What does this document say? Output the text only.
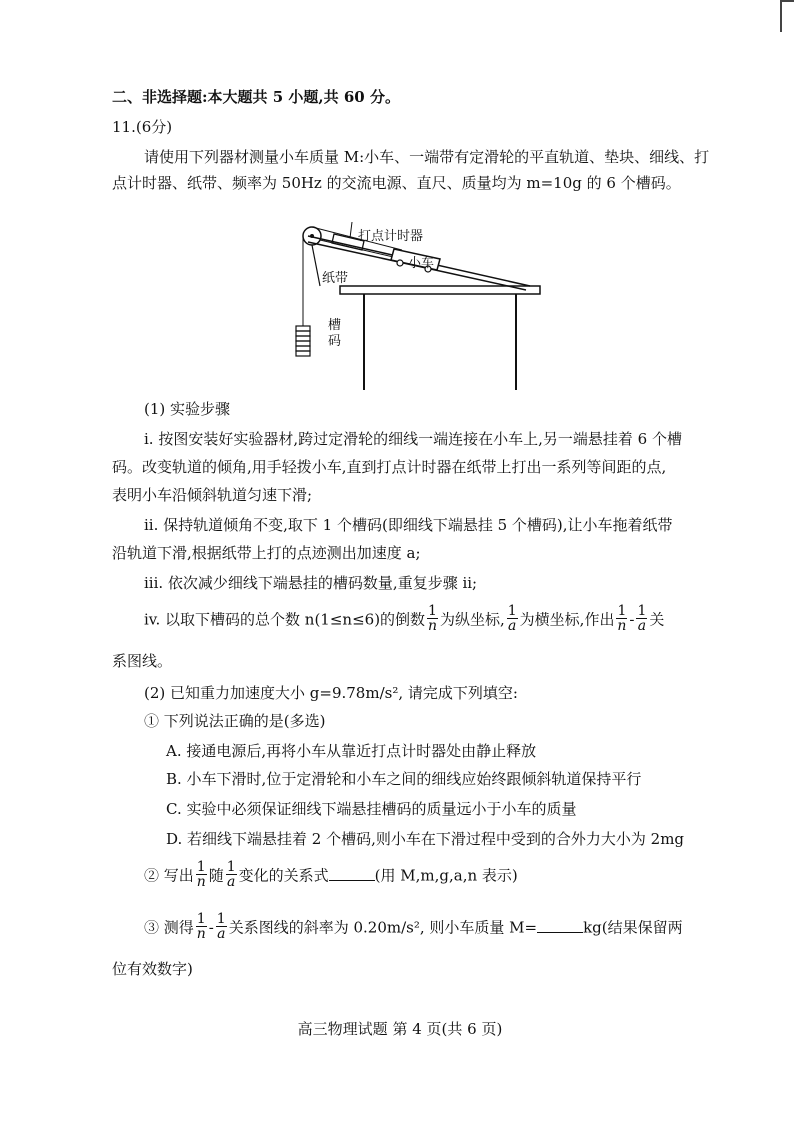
二、非选择题:本大题共 5 小题,共 60 分。
11.(6分)
请使用下列器材测量小车质量 M:小车、一端带有定滑轮的平直轨道、垫块、细线、打
点计时器、纸带、频率为 50Hz 的交流电源、直尺、质量均为 m=10g 的 6 个槽码。
打点计时器
小车
纸带
槽码
(1) 实验步骤
i. 按图安装好实验器材,跨过定滑轮的细线一端连接在小车上,另一端悬挂着 6 个槽
码。改变轨道的倾角,用手轻拨小车,直到打点计时器在纸带上打出一系列等间距的点,
表明小车沿倾斜轨道匀速下滑;
ii. 保持轨道倾角不变,取下 1 个槽码(即细线下端悬挂 5 个槽码),让小车拖着纸带
沿轨道下滑,根据纸带上打的点迹测出加速度 a;
iii. 依次减少细线下端悬挂的槽码数量,重复步骤 ii;
iv. 以取下槽码的总个数 n(1≤n≤6)的倒数 $\frac{1}{n}$ 为纵坐标, $\frac{1}{a}$ 为横坐标,作出 $\frac{1}{n} - \frac{1}{a}$ 关
系图线。
(2) 已知重力加速度大小 g=9.78m/s², 请完成下列填空:
① 下列说法正确的是(多选)
A. 接通电源后,再将小车从靠近打点计时器处由静止释放
B. 小车下滑时,位于定滑轮和小车之间的细线应始终跟倾斜轨道保持平行
C. 实验中必须保证细线下端悬挂槽码的质量远小于小车的质量
D. 若细线下端悬挂着 2 个槽码,则小车在下滑过程中受到的合外力大小为 2mg
② 写出 $\frac{1}{n}$ 随 $\frac{1}{a}$ 变化的关系式	(用 M,m,g,a,n 表示)
③ 测得 $\frac{1}{n} - \frac{1}{a}$ 关系图线的斜率为 0.20m/s², 则小车质量 M=	kg(结果保留两
位有效数字)
高三物理试题 第 4 页(共 6 页)
